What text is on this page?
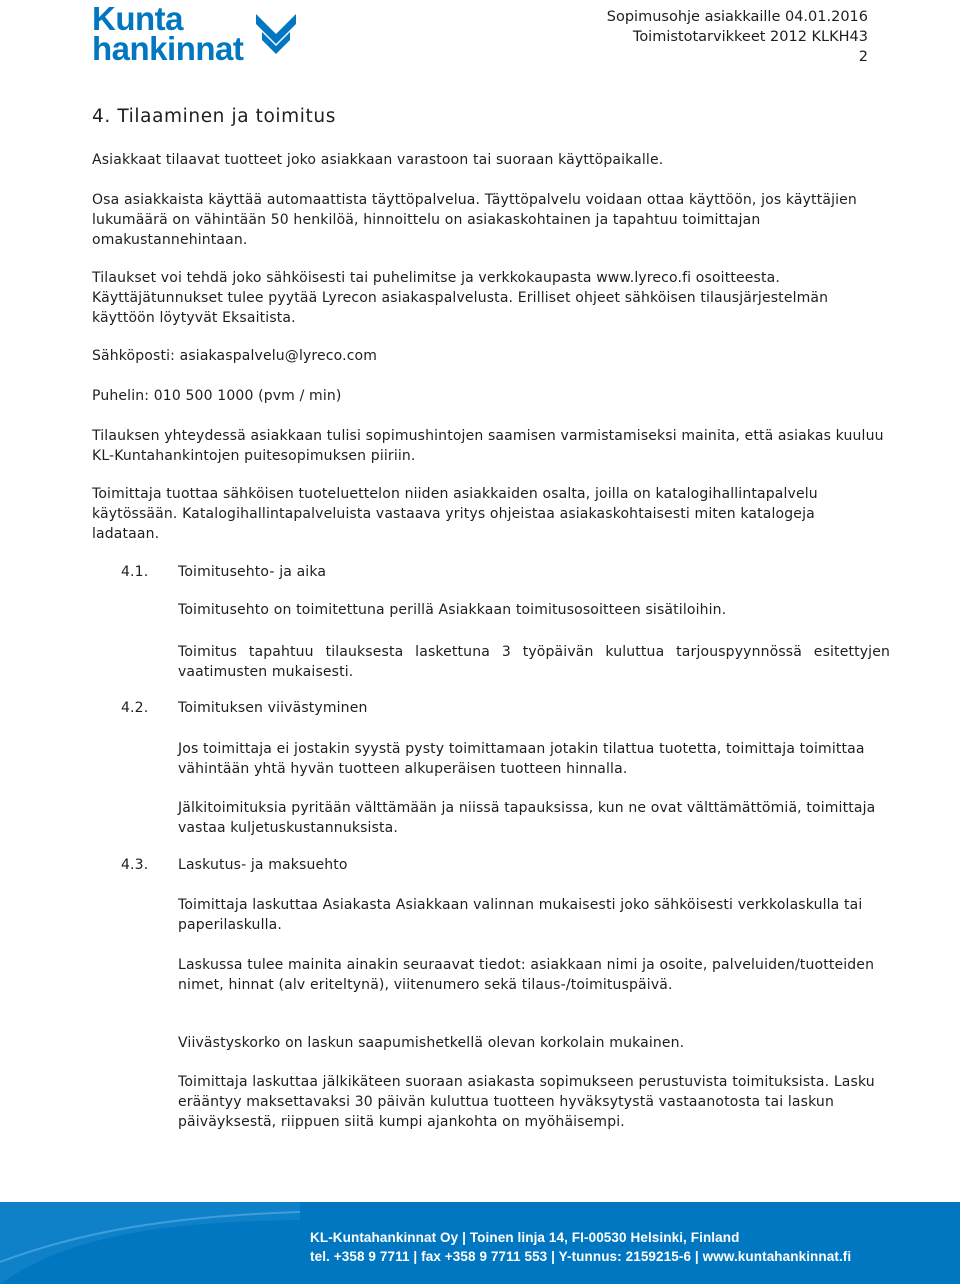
Kunta
hankinnat
Sopimusohje asiakkaille 04.01.2016
Toimistotarvikkeet 2012 KLKH43
2
4. Tilaaminen ja toimitus

Asiakkaat tilaavat tuotteet joko asiakkaan varastoon tai suoraan käyttöpaikalle.

Osa asiakkaista käyttää automaattista täyttöpalvelua. Täyttöpalvelu voidaan ottaa käyttöön, jos käyttäjien lukumäärä on vähintään 50 henkilöä, hinnoittelu on asiakaskohtainen ja tapahtuu toimittajan omakustannehintaan.

Tilaukset voi tehdä joko sähköisesti tai puhelimitse ja verkkokaupasta www.lyreco.fi osoitteesta. Käyttäjätunnukset tulee pyytää Lyrecon asiakaspalvelusta. Erilliset ohjeet sähköisen tilausjärjestelmän käyttöön löytyvät Eksaitista.

Sähköposti: asiakaspalvelu@lyreco.com

Puhelin: 010 500 1000 (pvm / min)

Tilauksen yhteydessä asiakkaan tulisi sopimushintojen saamisen varmistamiseksi mainita, että asiakas kuuluu KL-Kuntahankintojen puitesopimuksen piiriin.

Toimittaja tuottaa sähköisen tuoteluettelon niiden asiakkaiden osalta, joilla on katalogihallintapalvelu käytössään. Katalogihallintapalveluista vastaava yritys ohjeistaa asiakaskohtaisesti miten katalogeja ladataan.

4.1. Toimitusehto- ja aika

Toimitusehto on toimitettuna perillä Asiakkaan toimitusosoitteen sisätiloihin.

Toimitus tapahtuu tilauksesta laskettuna 3 työpäivän kuluttua tarjouspyynnössä esitettyjen vaatimusten mukaisesti.

4.2. Toimituksen viivästyminen

Jos toimittaja ei jostakin syystä pysty toimittamaan jotakin tilattua tuotetta, toimittaja toimittaa vähintään yhtä hyvän tuotteen alkuperäisen tuotteen hinnalla.

Jälkitoimituksia pyritään välttämään ja niissä tapauksissa, kun ne ovat välttämättömiä, toimittaja vastaa kuljetuskustannuksista.

4.3. Laskutus- ja maksuehto

Toimittaja laskuttaa Asiakasta Asiakkaan valinnan mukaisesti joko sähköisesti verkkolaskulla tai paperilaskulla.

Laskussa tulee mainita ainakin seuraavat tiedot: asiakkaan nimi ja osoite, palveluiden/tuotteiden nimet, hinnat (alv eriteltynä), viitenumero sekä tilaus-/toimituspäivä.

Viivästyskorko on laskun saapumishetkellä olevan korkolain mukainen.

Toimittaja laskuttaa jälkikäteen suoraan asiakasta sopimukseen perustuvista toimituksista. Lasku erääntyy maksettavaksi 30 päivän kuluttua tuotteen hyväksytystä vastaanotosta tai laskun päiväyksestä, riippuen siitä kumpi ajankohta on myöhäisempi.

KL-Kuntahankinnat Oy | Toinen linja 14, FI-00530 Helsinki, Finland
tel. +358 9 7711 | fax +358 9 7711 553 | Y-tunnus: 2159215-6 | www.kuntahankinnat.fi
